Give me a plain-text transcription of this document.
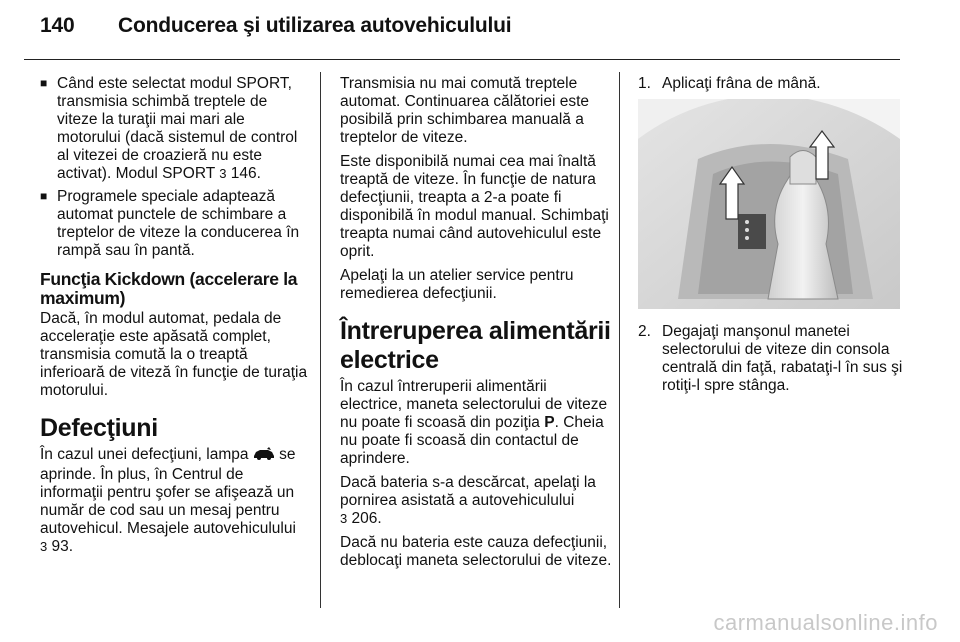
140 Conducerea şi utilizarea autovehiculului
■ Când este selectat modul SPORT, transmisia schimbă treptele de viteze la turaţii mai mari ale motorului (dacă sistemul de control al vitezei de croazieră nu este activat). Modul SPORT 3 146.
■ Programele speciale adaptează automat punctele de schimbare a treptelor de viteze la conducerea în rampă sau în pantă.
Funcţia Kickdown (accelerare la maximum)

Dacă, în modul automat, pedala de acceleraţie este apăsată complet, transmisia comută la o treaptă inferioară de viteză în funcţie de turaţia motorului.

Defecţiuni

În cazul unei defecţiuni, lampa se aprinde. În plus, în Centrul de informaţii pentru şofer se afişează un număr de cod sau un mesaj pentru autovehicul. Mesajele autovehiculului
3 93.

Transmisia nu mai comută treptele automat. Continuarea călătoriei este posibilă prin schimbarea manuală a treptelor de viteze.

Este disponibilă numai cea mai înaltă treaptă de viteze. În funcţie de natura defecţiunii, treapta a 2-a poate fi disponibilă în modul manual. Schimbaţi treapta numai când autovehiculul este oprit.

Apelaţi la un atelier service pentru remedierea defecţiunii.

Întreruperea alimentării electrice

În cazul întreruperii alimentării electrice, maneta selectorului de viteze nu poate fi scoasă din poziţia P. Cheia nu poate fi scoasă din contactul de aprindere.

Dacă bateria s-a descărcat, apelaţi la pornirea asistată a autovehiculului
3 206.

Dacă nu bateria este cauza defecţiunii, deblocaţi maneta selectorului de viteze.

1. Aplicaţi frâna de mână.
2. Degajaţi manşonul manetei selectorului de viteze din consola centrală din faţă, rabataţi-l în sus şi rotiţi-l spre stânga.
carmanualsonline.info
